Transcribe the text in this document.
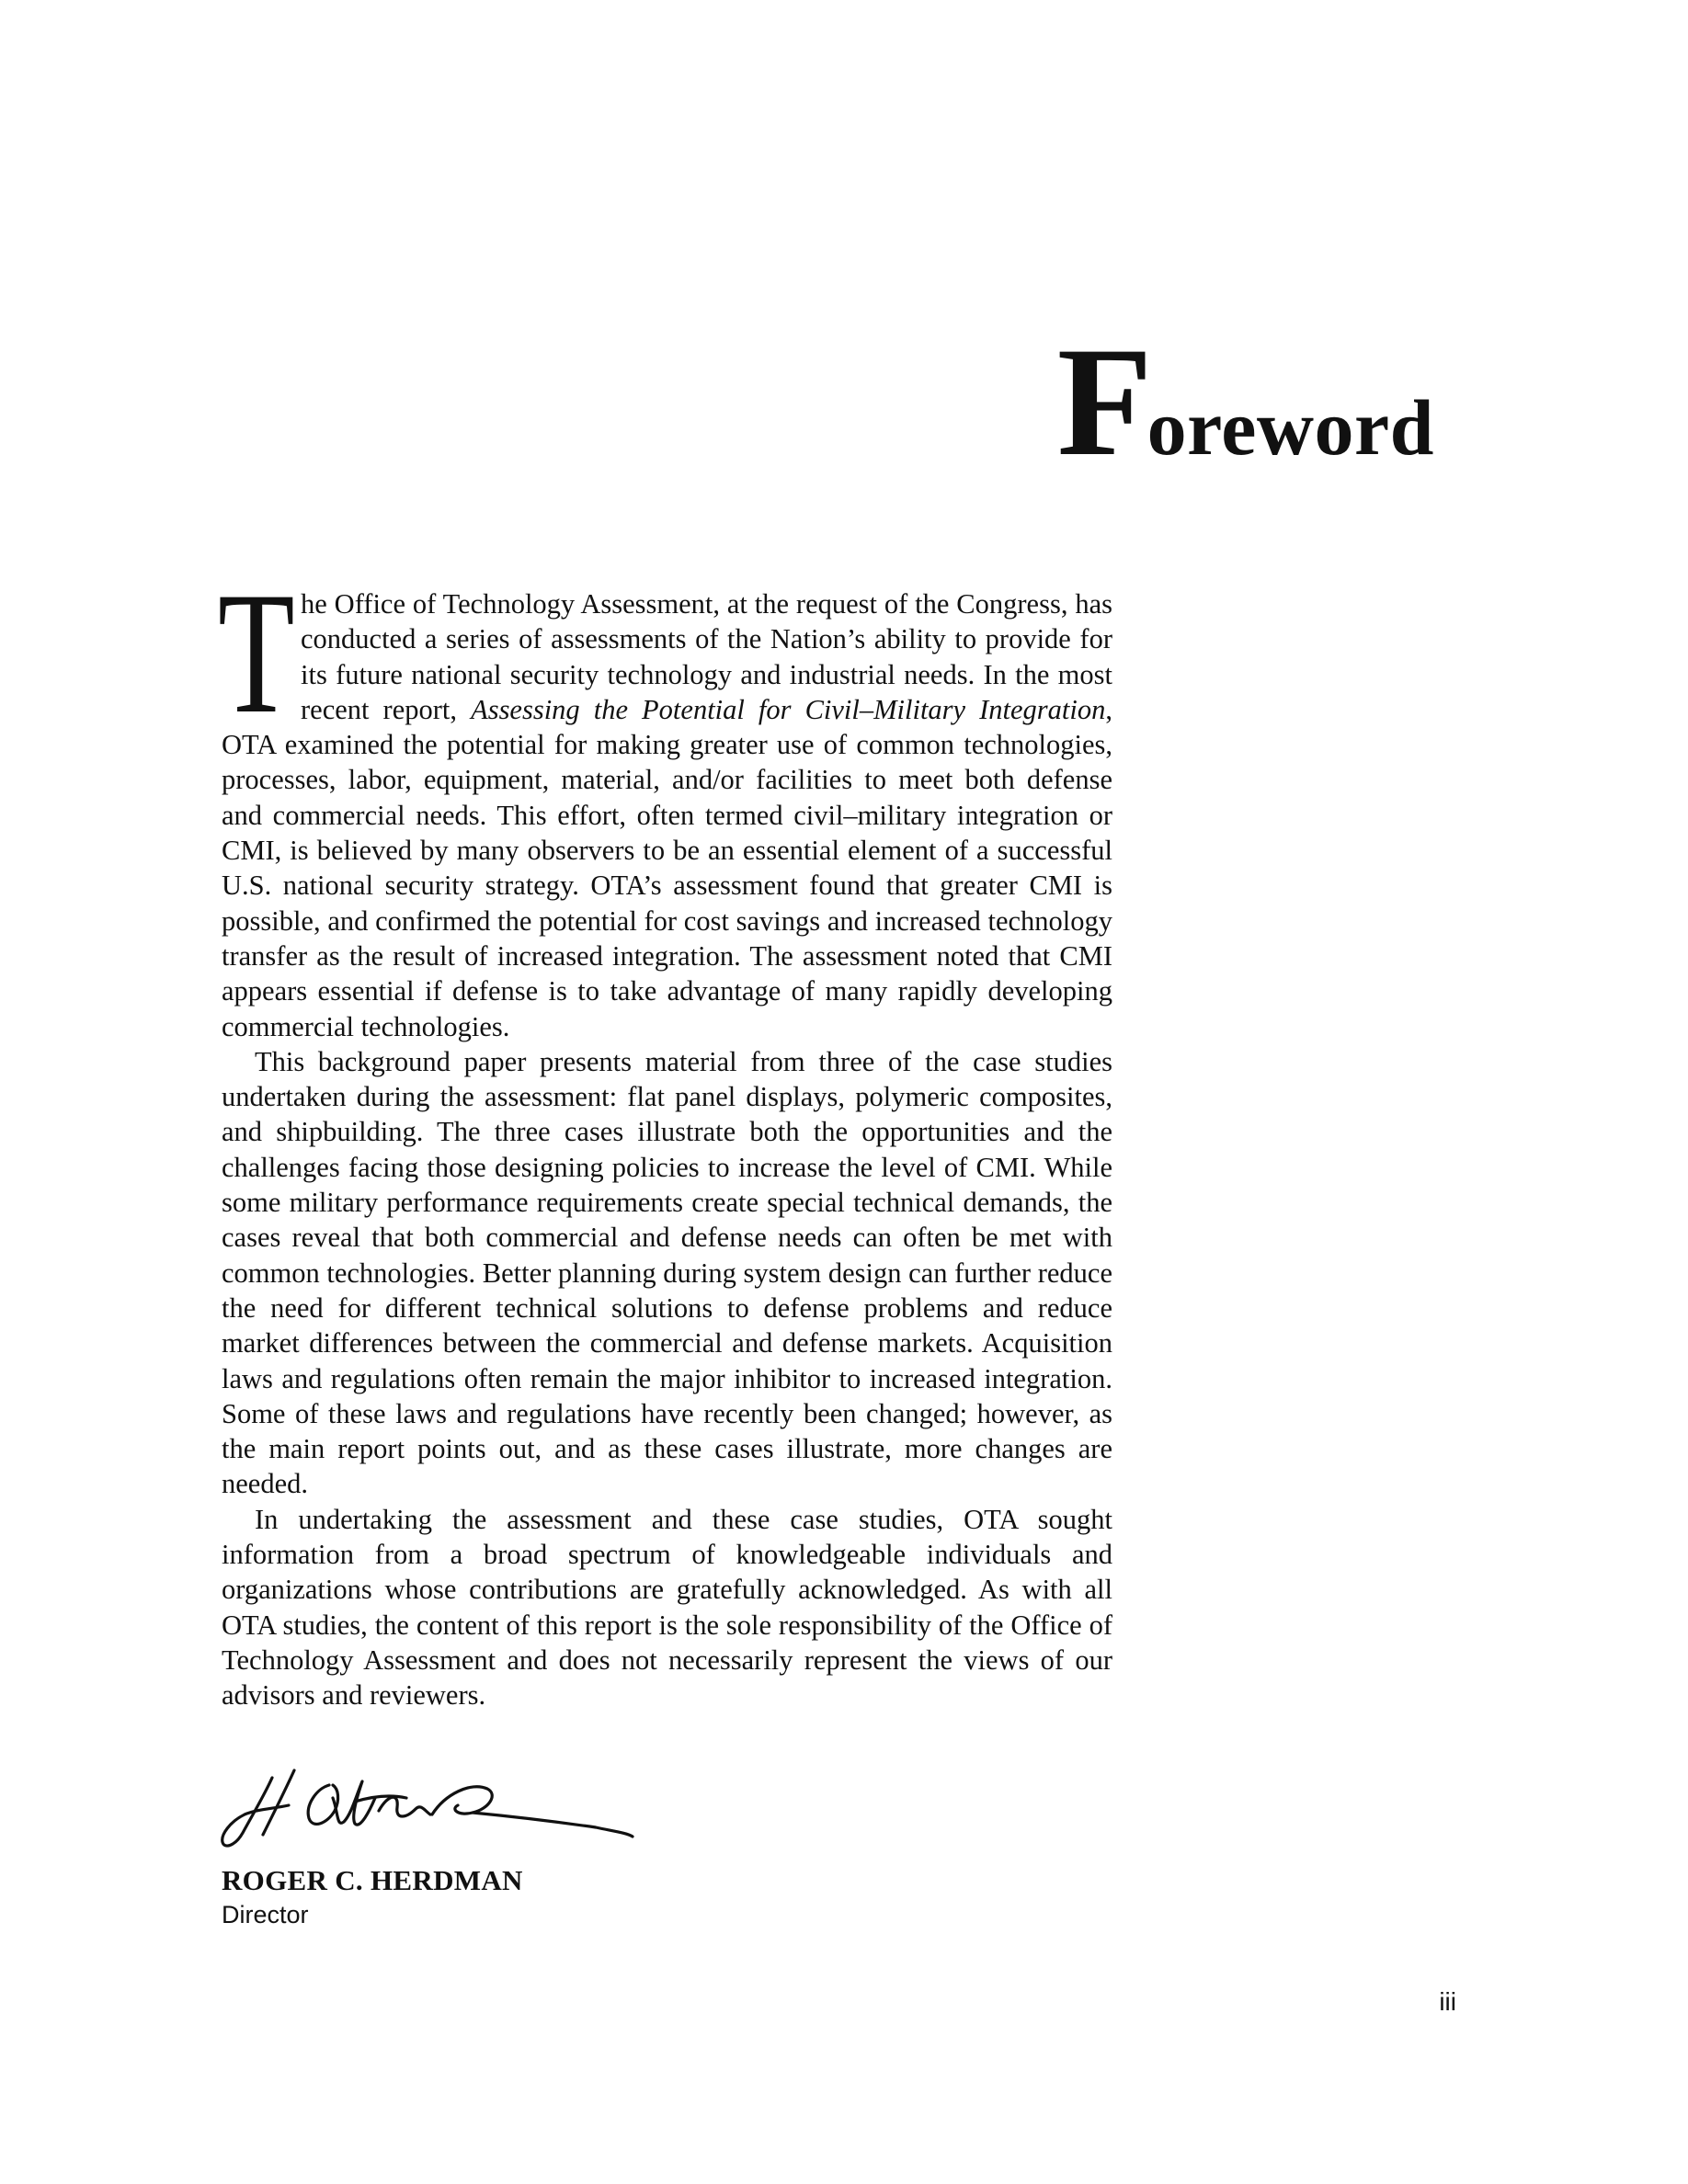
Foreword

The Office of Technology Assessment, at the request of the Congress, has conducted a series of assessments of the Nation’s ability to provide for its future national security technology and industrial needs. In the most recent report, Assessing the Potential for Civil–Military Integration, OTA examined the potential for making greater use of common technologies, processes, labor, equipment, material, and/or facilities to meet both defense and commercial needs. This effort, often termed civil–military integration or CMI, is believed by many observers to be an essential element of a successful U.S. national security strategy. OTA’s assessment found that greater CMI is possible, and confirmed the potential for cost savings and increased technology transfer as the result of increased integration. The assessment noted that CMI appears essential if defense is to take advantage of many rapidly developing commercial technologies.

This background paper presents material from three of the case studies undertaken during the assessment: flat panel displays, polymeric composites, and shipbuilding. The three cases illustrate both the opportunities and the challenges facing those designing policies to increase the level of CMI. While some military performance requirements create special technical demands, the cases reveal that both commercial and defense needs can often be met with common technologies. Better planning during system design can further reduce the need for different technical solutions to defense problems and reduce market differences between the commercial and defense markets. Acquisition laws and regulations often remain the major inhibitor to increased integration. Some of these laws and regulations have recently been changed; however, as the main report points out, and as these cases illustrate, more changes are needed.

In undertaking the assessment and these case studies, OTA sought information from a broad spectrum of knowledgeable individuals and organizations whose contributions are gratefully acknowledged. As with all OTA studies, the content of this report is the sole responsibility of the Office of Technology Assessment and does not necessarily represent the views of our advisors and reviewers.

ROGER C. HERDMAN

Director

iii
